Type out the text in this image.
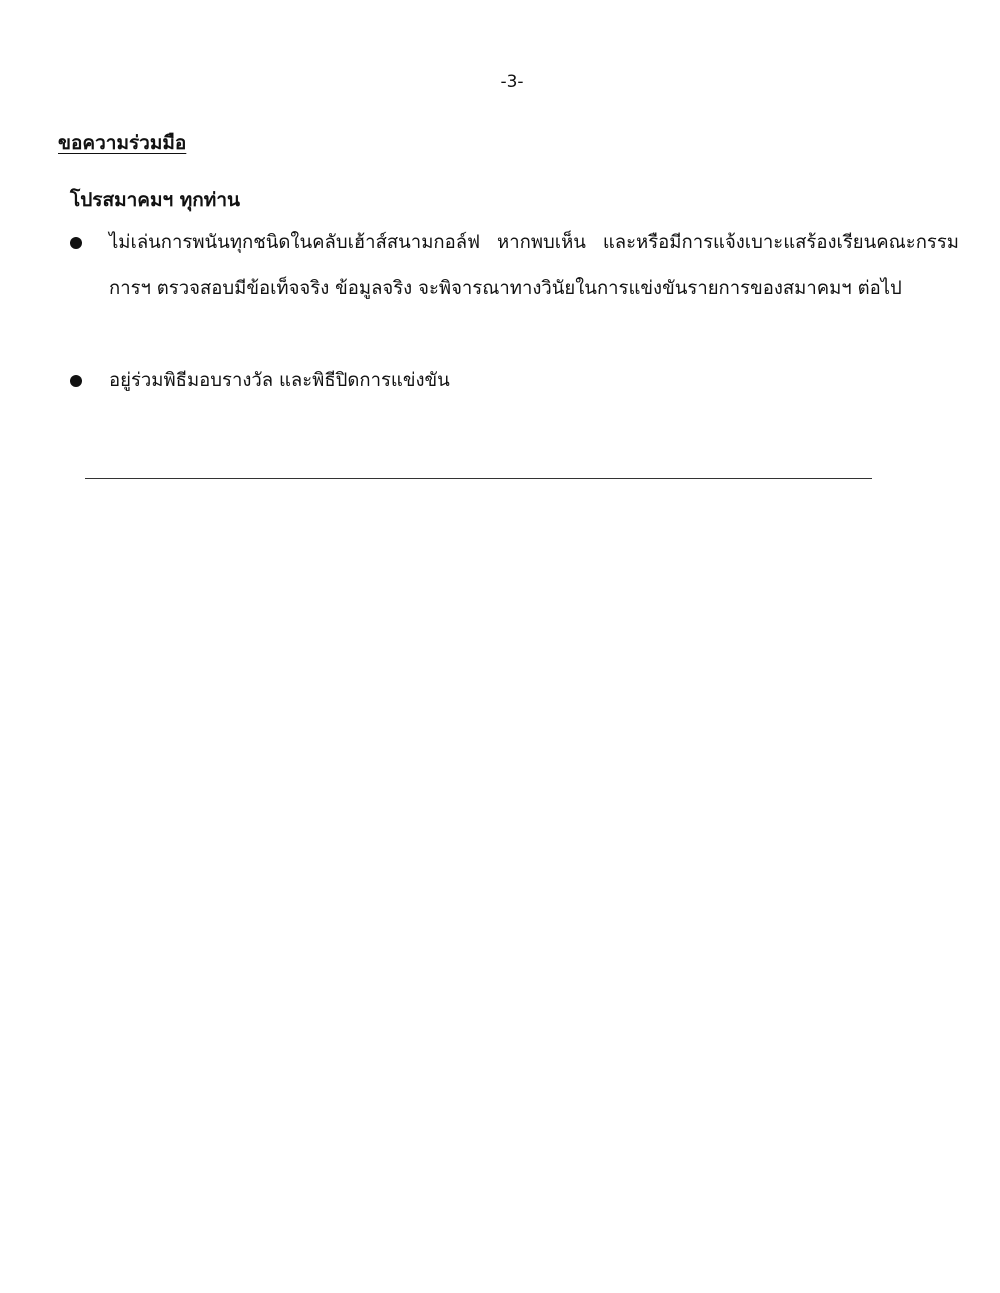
-3-
ขอความร่วมมือ
โปรสมาคมฯ ทุกท่าน
ไม่เล่นการพนันทุกชนิดในคลับเฮ้าส์สนามกอล์ฟ หากพบเห็น และหรือมีการแจ้งเบาะแสร้องเรียนคณะกรรมการฯ ตรวจสอบมีข้อเท็จจริง ข้อมูลจริง จะพิจารณาทางวินัยในการแข่งขันรายการของสมาคมฯ ต่อไป
อยู่ร่วมพิธีมอบรางวัล และพิธีปิดการแข่งขัน
